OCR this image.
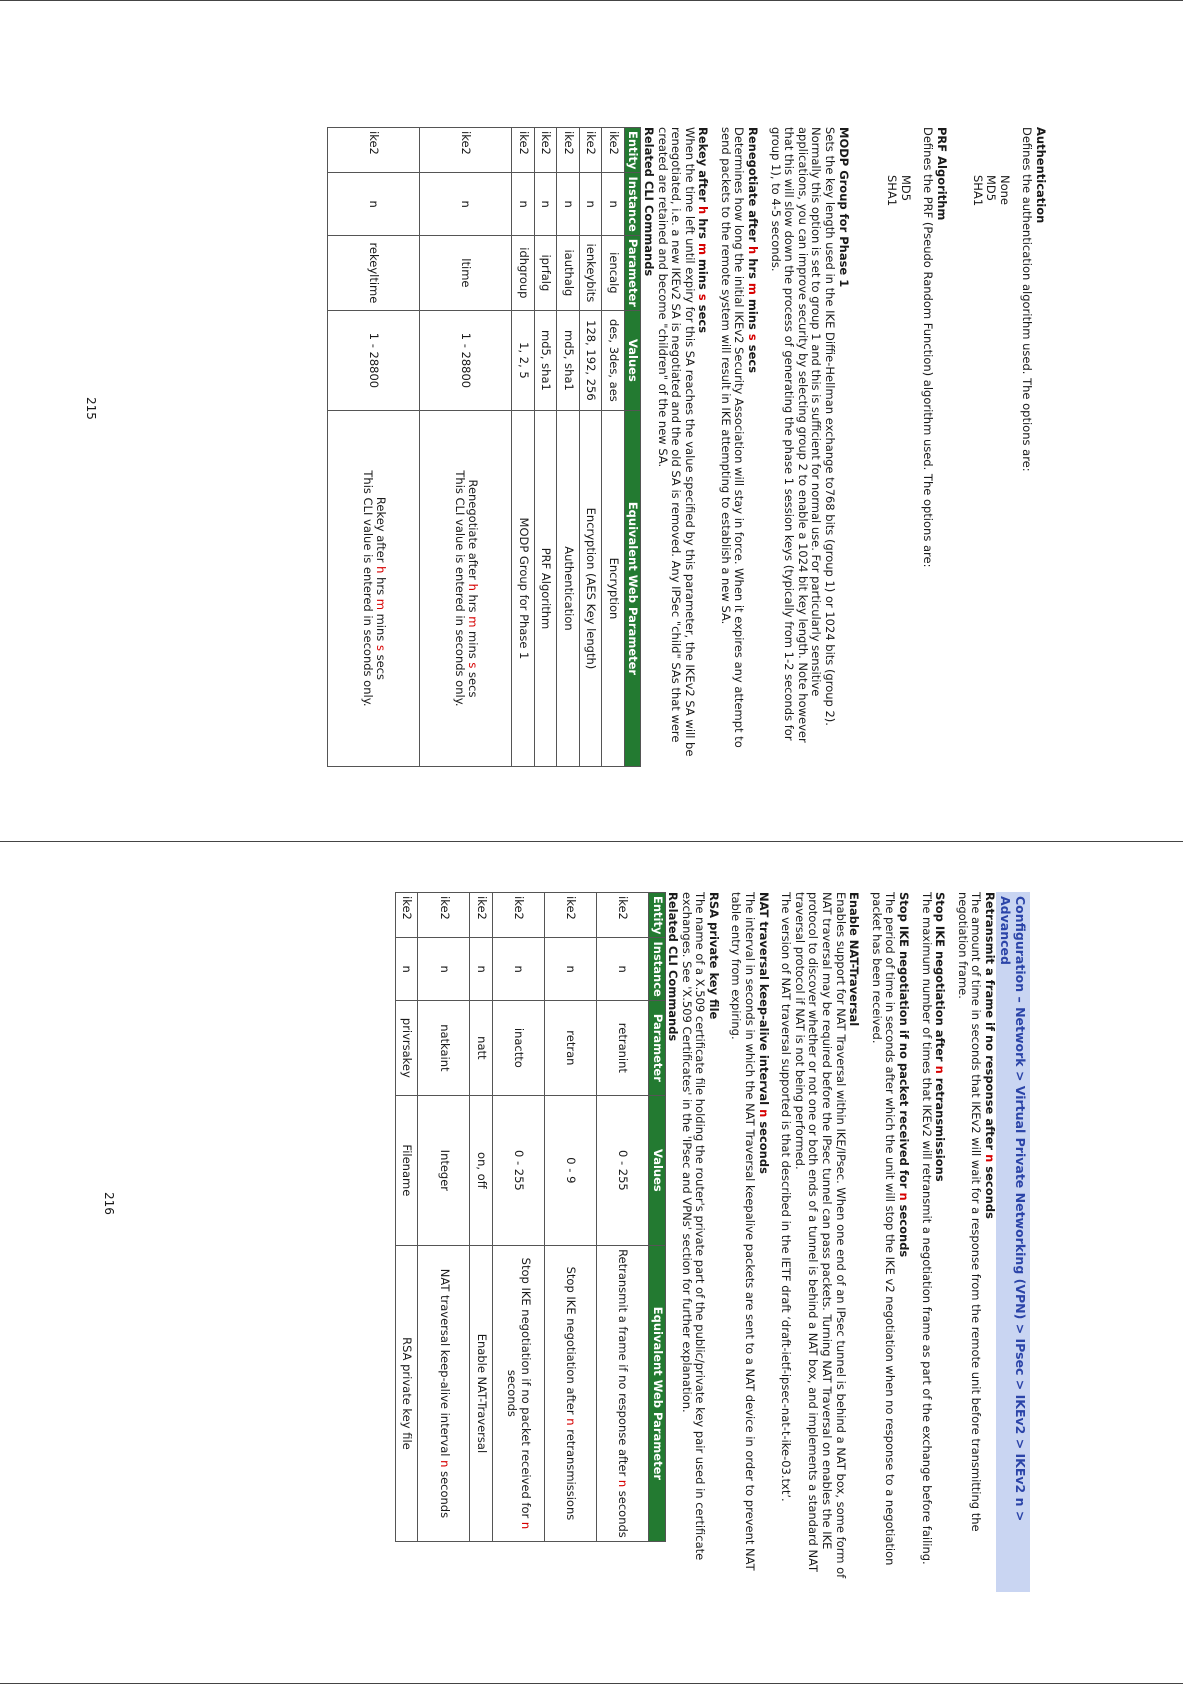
Authentication

Defines the authentication algorithm used. The options are:

None
MD5
SHA1
PRF Algorithm

Defines the PRF (Pseudo Random Function) algorithm used. The options are:

MD5
SHA1
MODP Group for Phase 1

Sets the key length used in the IKE Diffie-Hellman exchange to768 bits (group 1) or 1024 bits (group 2). Normally this option is set to group 1 and this is sufficient for normal use. For particularly sensitive applications, you can improve security by selecting group 2 to enable a 1024 bit key length. Note however that this will slow down the process of generating the phase 1 session keys (typically from 1-2 seconds for group 1), to 4-5 seconds.

Renegotiate after h hrs m mins s secs

Determines how long the initial IKEv2 Security Association will stay in force. When it expires any attempt to send packets to the remote system will result in IKE attempting to establish a new SA.

Rekey after h hrs m mins s secs

When the time left until expiry for this SA reaches the value specified by this parameter, the IKEv2 SA will be renegotiated, i.e. a new IKEv2 SA is negotiated and the old SA is removed. Any IPSec "child" SAs that were created are retained and become "children" of the new SA.

Related CLI Commands
Entity	Instance	Parameter	Values	Equivalent Web Parameter
ike2	n	iencalg	des, 3des, aes	Encryption
ike2	n	ienkeybits	128, 192, 256	Encryption (AES Key length)
ike2	n	iauthalg	md5, sha1	Authentication
ike2	n	iprfalg	md5, sha1	PRF Algorithm
ike2	n	idhgroup	1, 2, 5	MODP Group for Phase 1
ike2	n	ltime	1 - 28800	Renegotiate after h hrs m mins s secs
This CLI value is entered in seconds only.

ike2	n	rekeyltime	1 - 28800	Rekey after h hrs m mins s secs
This CLI value is entered in seconds only.
215
Configuration – Network > Virtual Private Networking (VPN) > IPsec > IKEv2 > IKEv2 n > Advanced
Retransmit a frame if no response after n seconds

The amount of time in seconds that IKEv2 will wait for a response from the remote unit before transmitting the negotiation frame.

Stop IKE negotiation after n retransmissions

The maximum number of times that IKEv2 will retransmit a negotiation frame as part of the exchange before failing.

Stop IKE negotiation if no packet received for n seconds

The period of time in seconds after which the unit will stop the IKE v2 negotiation when no response to a negotiation packet has been received.

Enable NAT-Traversal

Enables support for NAT Traversal within IKE/IPsec. When one end of an IPsec tunnel is behind a NAT box, some form of NAT traversal may be required before the IPsec tunnel can pass packets. Turning NAT Traversal on enables the IKE protocol to discover whether or not one or both ends of a tunnel is behind a NAT box, and implements a standard NAT traversal protocol if NAT is not being performed.

The version of NAT traversal supported is that described in the IETF draft ‘draft-ietf-ipsec-nat-t-ike-03.txt’.

NAT traversal keep-alive interval n seconds

The interval in seconds in which the NAT Traversal keepalive packets are sent to a NAT device in order to prevent NAT table entry from expiring.

RSA private key file

The name of a X.509 certificate file holding the router's private part of the public/private key pair used in certificate exchanges. See 'X.509 Certificates' in the 'IPsec and VPNs' section for further explanation.

Related CLI Commands
Entity	Instance	Parameter	Values	Equivalent Web Parameter
ike2	n	retranint	0 - 255	Retransmit a frame if no response after n seconds
ike2	n	retran	0 - 9	Stop IKE negotiation after n retransmissions
ike2	n	inactto	0 - 255	Stop IKE negotiation if no packet received for n seconds
ike2	n	natt	on, off	Enable NAT-Traversal
ike2	n	natkaint	Integer	NAT traversal keep-alive interval n seconds
ike2	n	privrsakey	Filename	RSA private key file
216
